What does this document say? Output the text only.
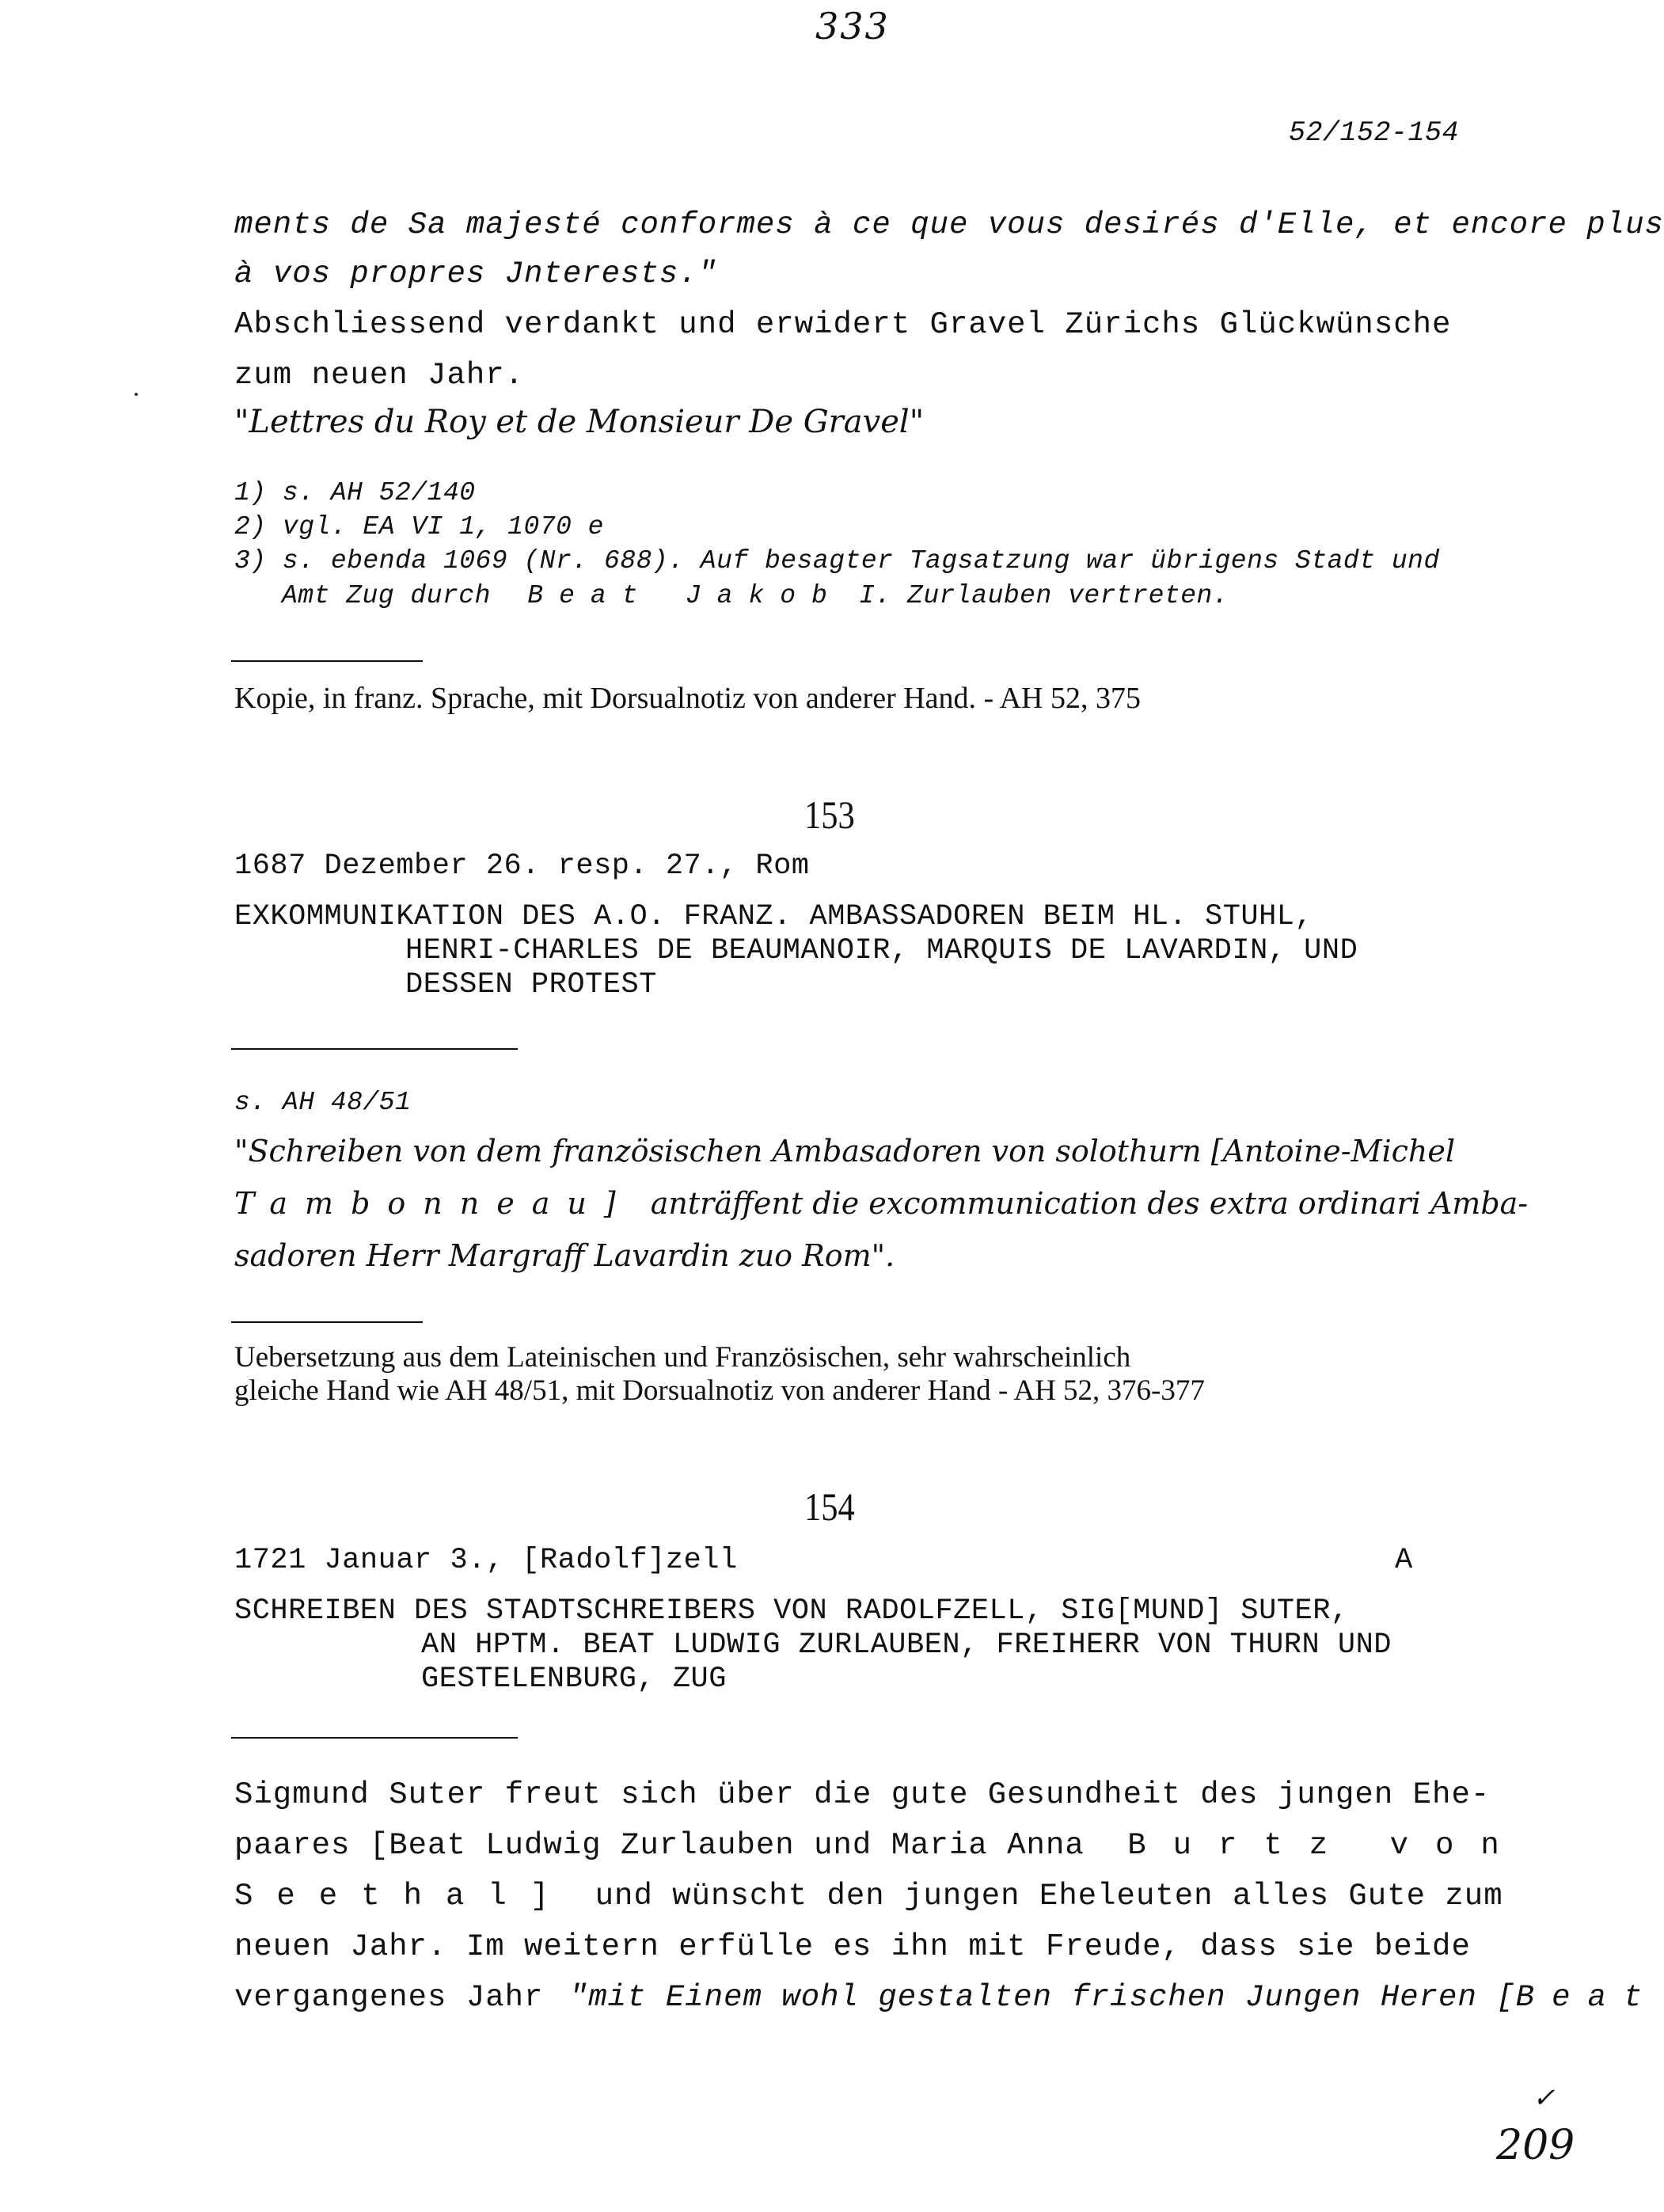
333
52/152-154
ments de Sa majesté conformes à ce que vous desirés d'Elle, et encore plus
à vos propres Jnterests."
Abschliessend verdankt und erwidert Gravel Zürichs Glückwünsche
zum neuen Jahr.
"Lettres du Roy et de Monsieur De Gravel"
1) s. AH 52/140
2) vgl. EA VI 1, 1070 e
3) s. ebenda 1069 (Nr. 688). Auf besagter Tagsatzung war übrigens Stadt und
Amt Zug durch Beat Jakob I. Zurlauben vertreten.
Kopie, in franz. Sprache, mit Dorsualnotiz von anderer Hand. - AH 52, 375
153
1687 Dezember 26. resp. 27., Rom
EXKOMMUNIKATION DES A.O. FRANZ. AMBASSADOREN BEIM HL. STUHL,
HENRI-CHARLES DE BEAUMANOIR, MARQUIS DE LAVARDIN, UND
DESSEN PROTEST
s. AH 48/51
"Schreiben von dem französischen Ambasadoren von solothurn [Antoine-Michel
Tambonneau] anträffent die excommunication des extra ordinari Amba-
sadoren Herr Margraff Lavardin zuo Rom".
Uebersetzung aus dem Lateinischen und Französischen, sehr wahrscheinlich
gleiche Hand wie AH 48/51, mit Dorsualnotiz von anderer Hand - AH 52, 376-377
154
1721 Januar 3., [Radolf]zell	A
SCHREIBEN DES STADTSCHREIBERS VON RADOLFZELL, SIG[MUND] SUTER,
AN HPTM. BEAT LUDWIG ZURLAUBEN, FREIHERR VON THURN UND
GESTELENBURG, ZUG
Sigmund Suter freut sich über die gute Gesundheit des jungen Ehe-
paares [Beat Ludwig Zurlauben und Maria Anna Burtz von
Seethal] und wünscht den jungen Eheleuten alles Gute zum
neuen Jahr. Im weitern erfülle es ihn mit Freude, dass sie beide
vergangenes Jahr "mit Einem wohl gestalten frischen Jungen Heren [Beat
✓
209
